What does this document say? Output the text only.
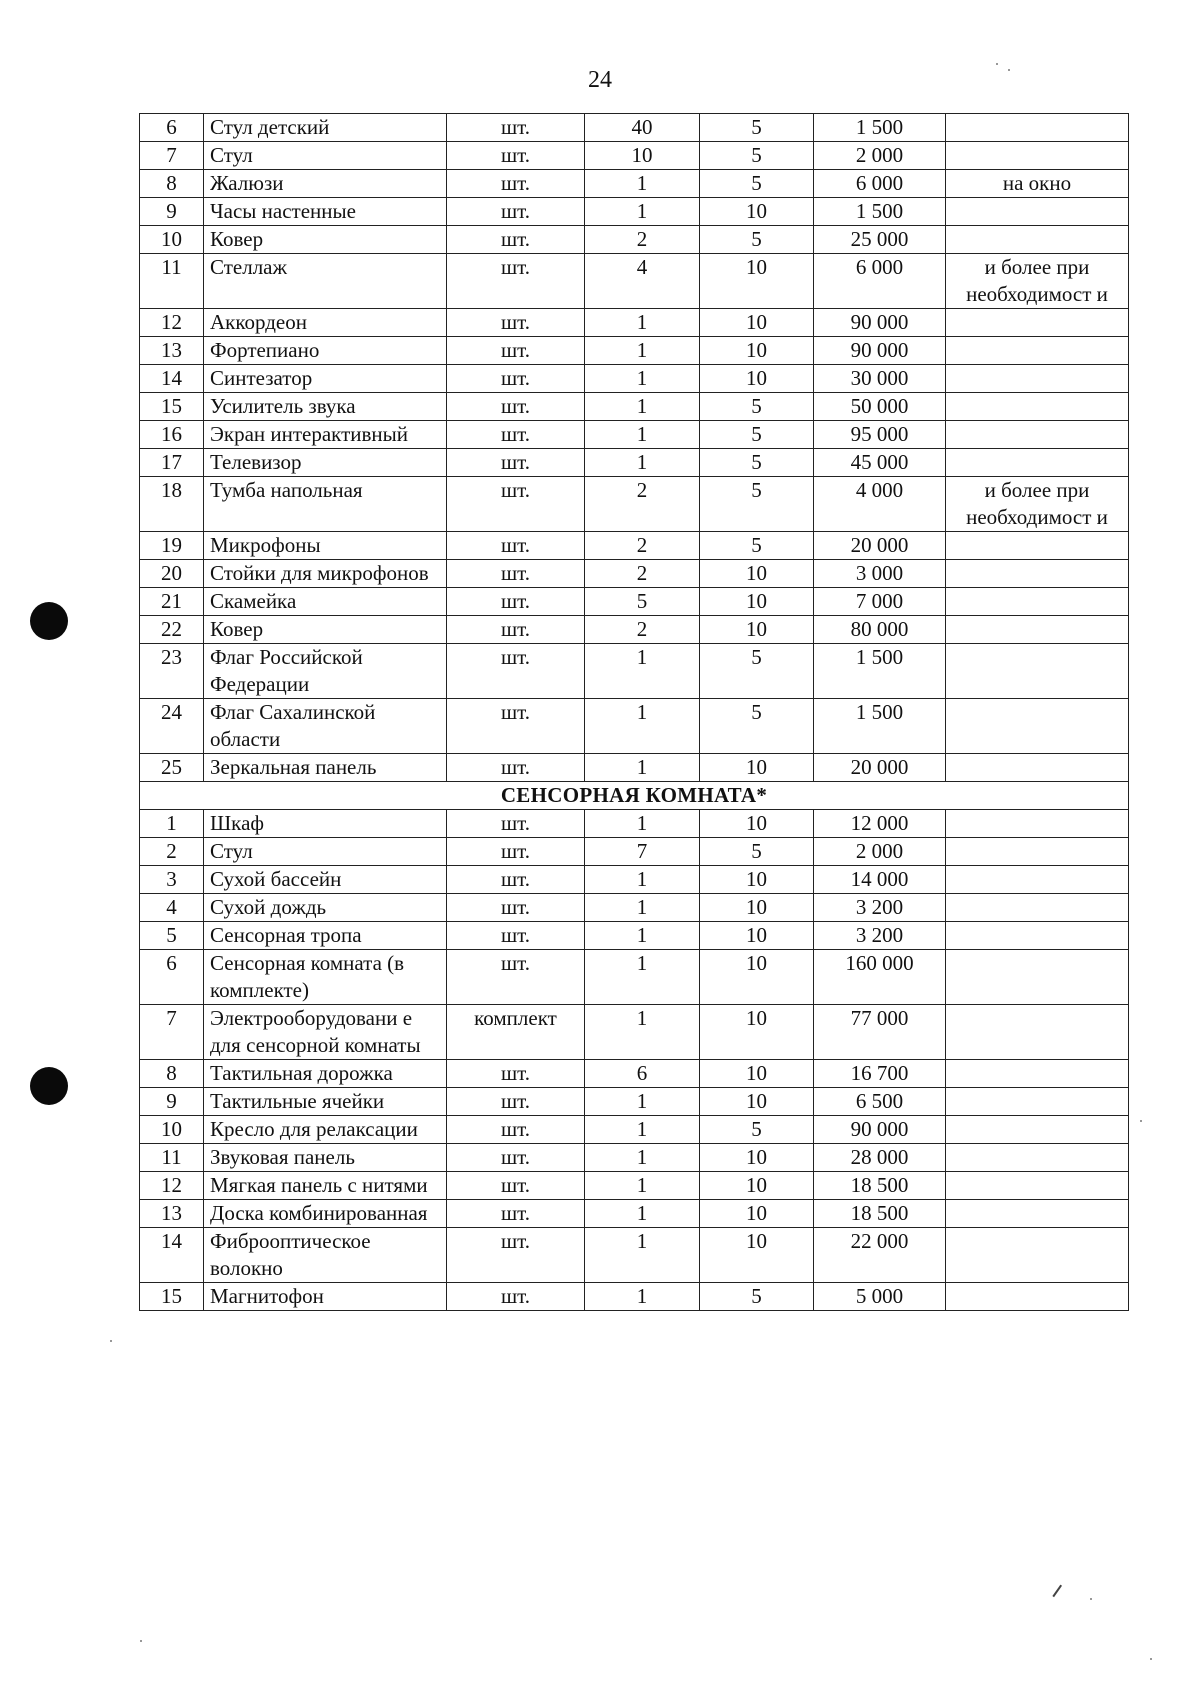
24
6	Стул детский	шт.	40	5	1 500	
7	Стул	шт.	10	5	2 000	
8	Жалюзи	шт.	1	5	6 000	на окно
9	Часы настенные	шт.	1	10	1 500	
10	Ковер	шт.	2	5	25 000	
11	Стеллаж	шт.	4	10	6 000	и более при необходимост и
12	Аккордеон	шт.	1	10	90 000	
13	Фортепиано	шт.	1	10	90 000	
14	Синтезатор	шт.	1	10	30 000	
15	Усилитель звука	шт.	1	5	50 000	
16	Экран интерактивный	шт.	1	5	95 000	
17	Телевизор	шт.	1	5	45 000	
18	Тумба напольная	шт.	2	5	4 000	и более при необходимост и
19	Микрофоны	шт.	2	5	20 000	
20	Стойки для микрофонов	шт.	2	10	3 000	
21	Скамейка	шт.	5	10	7 000	
22	Ковер	шт.	2	10	80 000	
23	Флаг Российской Федерации	шт.	1	5	1 500	
24	Флаг Сахалинской области	шт.	1	5	1 500	
25	Зеркальная панель	шт.	1	10	20 000	
СЕНСОРНАЯ КОМНАТА*						
1	Шкаф	шт.	1	10	12 000	
2	Стул	шт.	7	5	2 000	
3	Сухой бассейн	шт.	1	10	14 000	
4	Сухой дождь	шт.	1	10	3 200	
5	Сенсорная тропа	шт.	1	10	3 200	
6	Сенсорная комната (в комплекте)	шт.	1	10	160 000	
7	Электрооборудовани е для сенсорной комнаты	комплект	1	10	77 000	
8	Тактильная дорожка	шт.	6	10	16 700	
9	Тактильные ячейки	шт.	1	10	6 500	
10	Кресло для релаксации	шт.	1	5	90 000	
11	Звуковая панель	шт.	1	10	28 000	
12	Мягкая панель с нитями	шт.	1	10	18 500	
13	Доска комбинированная	шт.	1	10	18 500	
14	Фиброоптическое волокно	шт.	1	10	22 000	
15	Магнитофон	шт.	1	5	5 000	
